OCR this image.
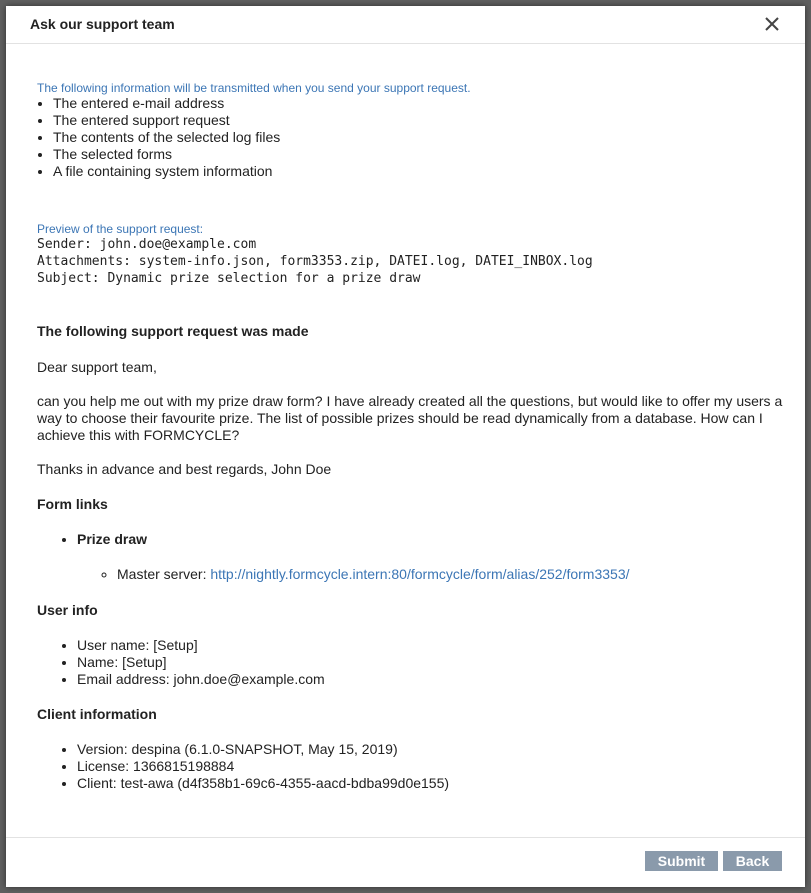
Ask our support team

The following information will be transmitted when you send your support request.

• The entered e-mail address
• The entered support request
• The contents of the selected log files
• The selected forms
• A file containing system information

Preview of the support request:

Sender: john.doe@example.com
Attachments: system-info.json, form3353.zip, DATEI.log, DATEI_INBOX.log
Subject: Dynamic prize selection for a prize draw
The following support request was made

Dear support team,

can you help me out with my prize draw form? I have already created all the questions, but would like to offer my users a way to choose their favourite prize. The list of possible prizes should be read dynamically from a database. How can I achieve this with FORMCYCLE?

Thanks in advance and best regards, John Doe

Form links
• Prize draw
◦ Master server: http://nightly.formcycle.intern:80/formcycle/form/alias/252/form3353/
User info
• User name: [Setup]
• Name: [Setup]
• Email address: john.doe@example.com
Client information
• Version: despina (6.1.0-SNAPSHOT, May 15, 2019)
• License: 1366815198884
• Client: test-awa (d4f358b1-69c6-4355-aacd-bdba99d0e155)
Submit	Back
